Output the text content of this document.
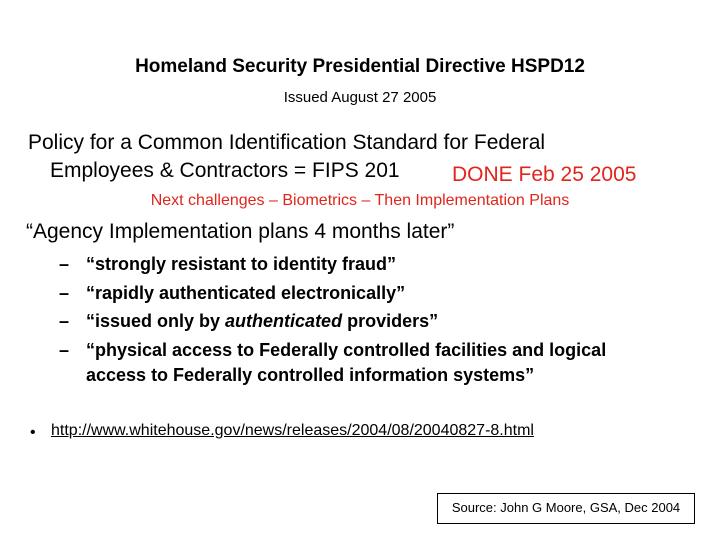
Homeland Security Presidential Directive HSPD12
Issued August 27 2005
Policy for a Common Identification Standard for Federal
Employees & Contractors = FIPS 201 DONE Feb 25 2005
Next challenges – Biometrics – Then Implementation Plans
“Agency Implementation plans 4 months later”
– “strongly resistant to identity fraud”
– “rapidly authenticated electronically”
– “issued only by authenticated providers”
– “physical access to Federally controlled facilities and logical
access to Federally controlled information systems”
• http://www.whitehouse.gov/news/releases/2004/08/20040827-8.html
Source: John G Moore, GSA, Dec 2004
